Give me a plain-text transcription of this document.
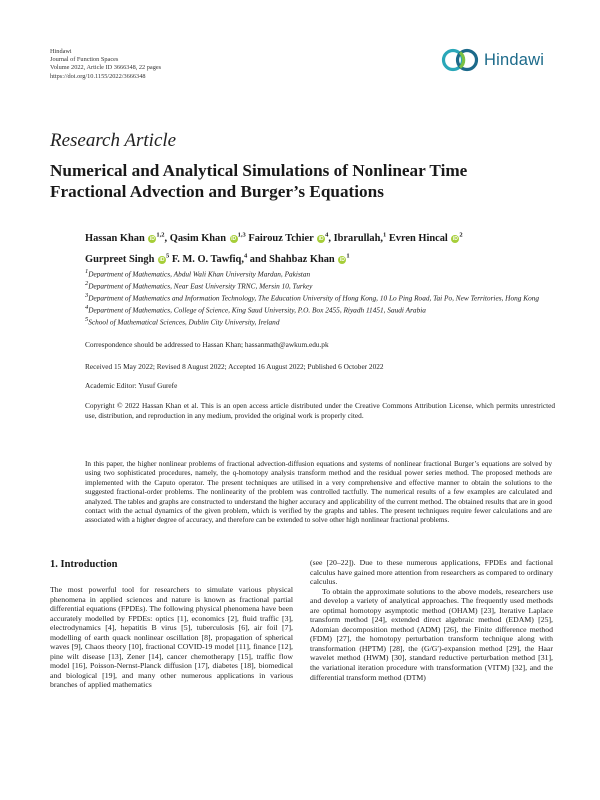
Hindawi
Journal of Function Spaces
Volume 2022, Article ID 3666348, 22 pages
https://doi.org/10.1155/2022/3666348
Hindawi
Research Article
Numerical and Analytical Simulations of Nonlinear Time Fractional Advection and Burger’s Equations
Hassan Khan iD$^{1,2}$, Qasim Khan iD$^{1,3}$ Fairouz Tchier $iD^4$, Ibrarullah,$^1$ Evren Hincal $iD^2$
Gurpreet Singh $iD^5$ F. M. O. Tawfiq,$^4$ and Shahbaz Khan $iD^1$
$^1$Department of Mathematics, Abdul Wali Khan University Mardan, Pakistan
$^2$Department of Mathematics, Near East University TRNC, Mersin 10, Turkey
$^3$Department of Mathematics and Information Technology, The Education University of Hong Kong, 10 Lo Ping Road, Tai Po, New Territories, Hong Kong
$^4$Department of Mathematics, College of Science, King Saud University, P.O. Box 2455, Riyadh 11451, Saudi Arabia
$^5$School of Mathematical Sciences, Dublin City University, Ireland
Correspondence should be addressed to Hassan Khan; hassanmath@awkum.edu.pk
Received 15 May 2022; Revised 8 August 2022; Accepted 16 August 2022; Published 6 October 2022
Academic Editor: Yusuf Gurefe
Copyright © 2022 Hassan Khan et al. This is an open access article distributed under the Creative Commons Attribution License, which permits unrestricted use, distribution, and reproduction in any medium, provided the original work is properly cited.
In this paper, the higher nonlinear problems of fractional advection-diffusion equations and systems of nonlinear fractional Burger’s equations are solved by using two sophisticated procedures, namely, the q-homotopy analysis transform method and the residual power series method. The proposed methods are implemented with the Caputo operator. The present techniques are utilised in a very comprehensive and effective manner to obtain the solutions to the suggested fractional-order problems. The nonlinearity of the problem was controlled tactfully. The numerical results of a few examples are calculated and analyzed. The tables and graphs are constructed to understand the higher accuracy and applicability of the current method. The obtained results that are in good contact with the actual dynamics of the given problem, which is verified by the graphs and tables. The present techniques require fewer calculations and are associated with a higher degree of accuracy, and therefore can be extended to solve other high nonlinear fractional problems.
1. Introduction

The most powerful tool for researchers to simulate various physical phenomena in applied sciences and nature is known as fractional partial differential equations (FPDEs). The following physical phenomena have been accurately modelled by FPDEs: optics [1], economics [2], fluid traffic [3], electrodynamics [4], hepatitis B virus [5], tuberculosis [6], air foil [7], modelling of earth quack nonlinear oscillation [8], propagation of spherical waves [9], Chaos theory [10], fractional COVID-19 model [11], finance [12], pine wilt disease [13], Zener [14], cancer chemotherapy [15], traffic flow model [16], Poisson-Nernst-Planck diffusion [17], diabetes [18], biomedical and biological [19], and many other numerous applications in various branches of applied mathematics

(see [20–22]). Due to these numerous applications, FPDEs and factional calculus have gained more attention from researchers as compared to ordinary calculus.

To obtain the approximate solutions to the above models, researchers use and develop a variety of analytical approaches. The frequently used methods are optimal homotopy asymptotic method (OHAM) [23], Iterative Laplace transform method [24], extended direct algebraic method (EDAM) [25], Adomian decomposition method (ADM) [26], the Finite difference method (FDM) [27], the homotopy perturbation transform technique along with transformation (HPTM) [28], the (G/G′)-expansion method [29], the Haar wavelet method (HWM) [30], standard reductive perturbation method [31], the variational iteration procedure with transformation (VITM) [32], and the differential transform method (DTM)
